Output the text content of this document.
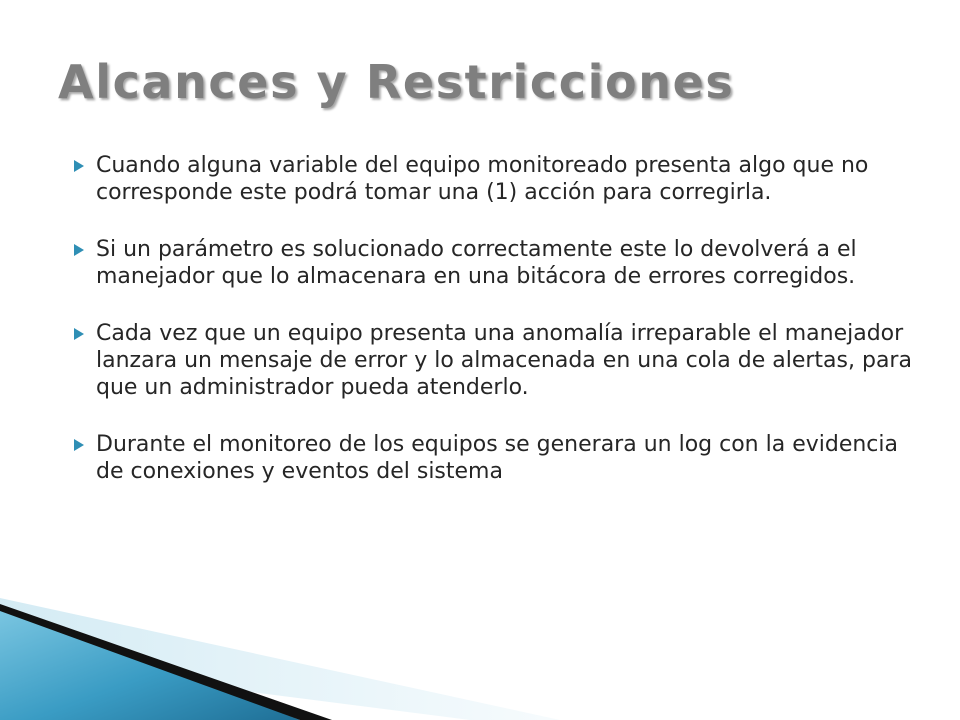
Alcances y Restricciones
Cuando alguna variable del equipo monitoreado presenta algo que no corresponde este podrá tomar una (1) acción para corregirla.
Si un parámetro es solucionado correctamente este lo devolverá a el manejador que lo almacenara en una bitácora de errores corregidos.
Cada vez que un equipo presenta una anomalía irreparable el manejador lanzara un mensaje de error y lo almacenada en una cola de alertas, para que un administrador pueda atenderlo.
Durante el monitoreo de los equipos se generara un log con la evidencia de conexiones y eventos del sistema
